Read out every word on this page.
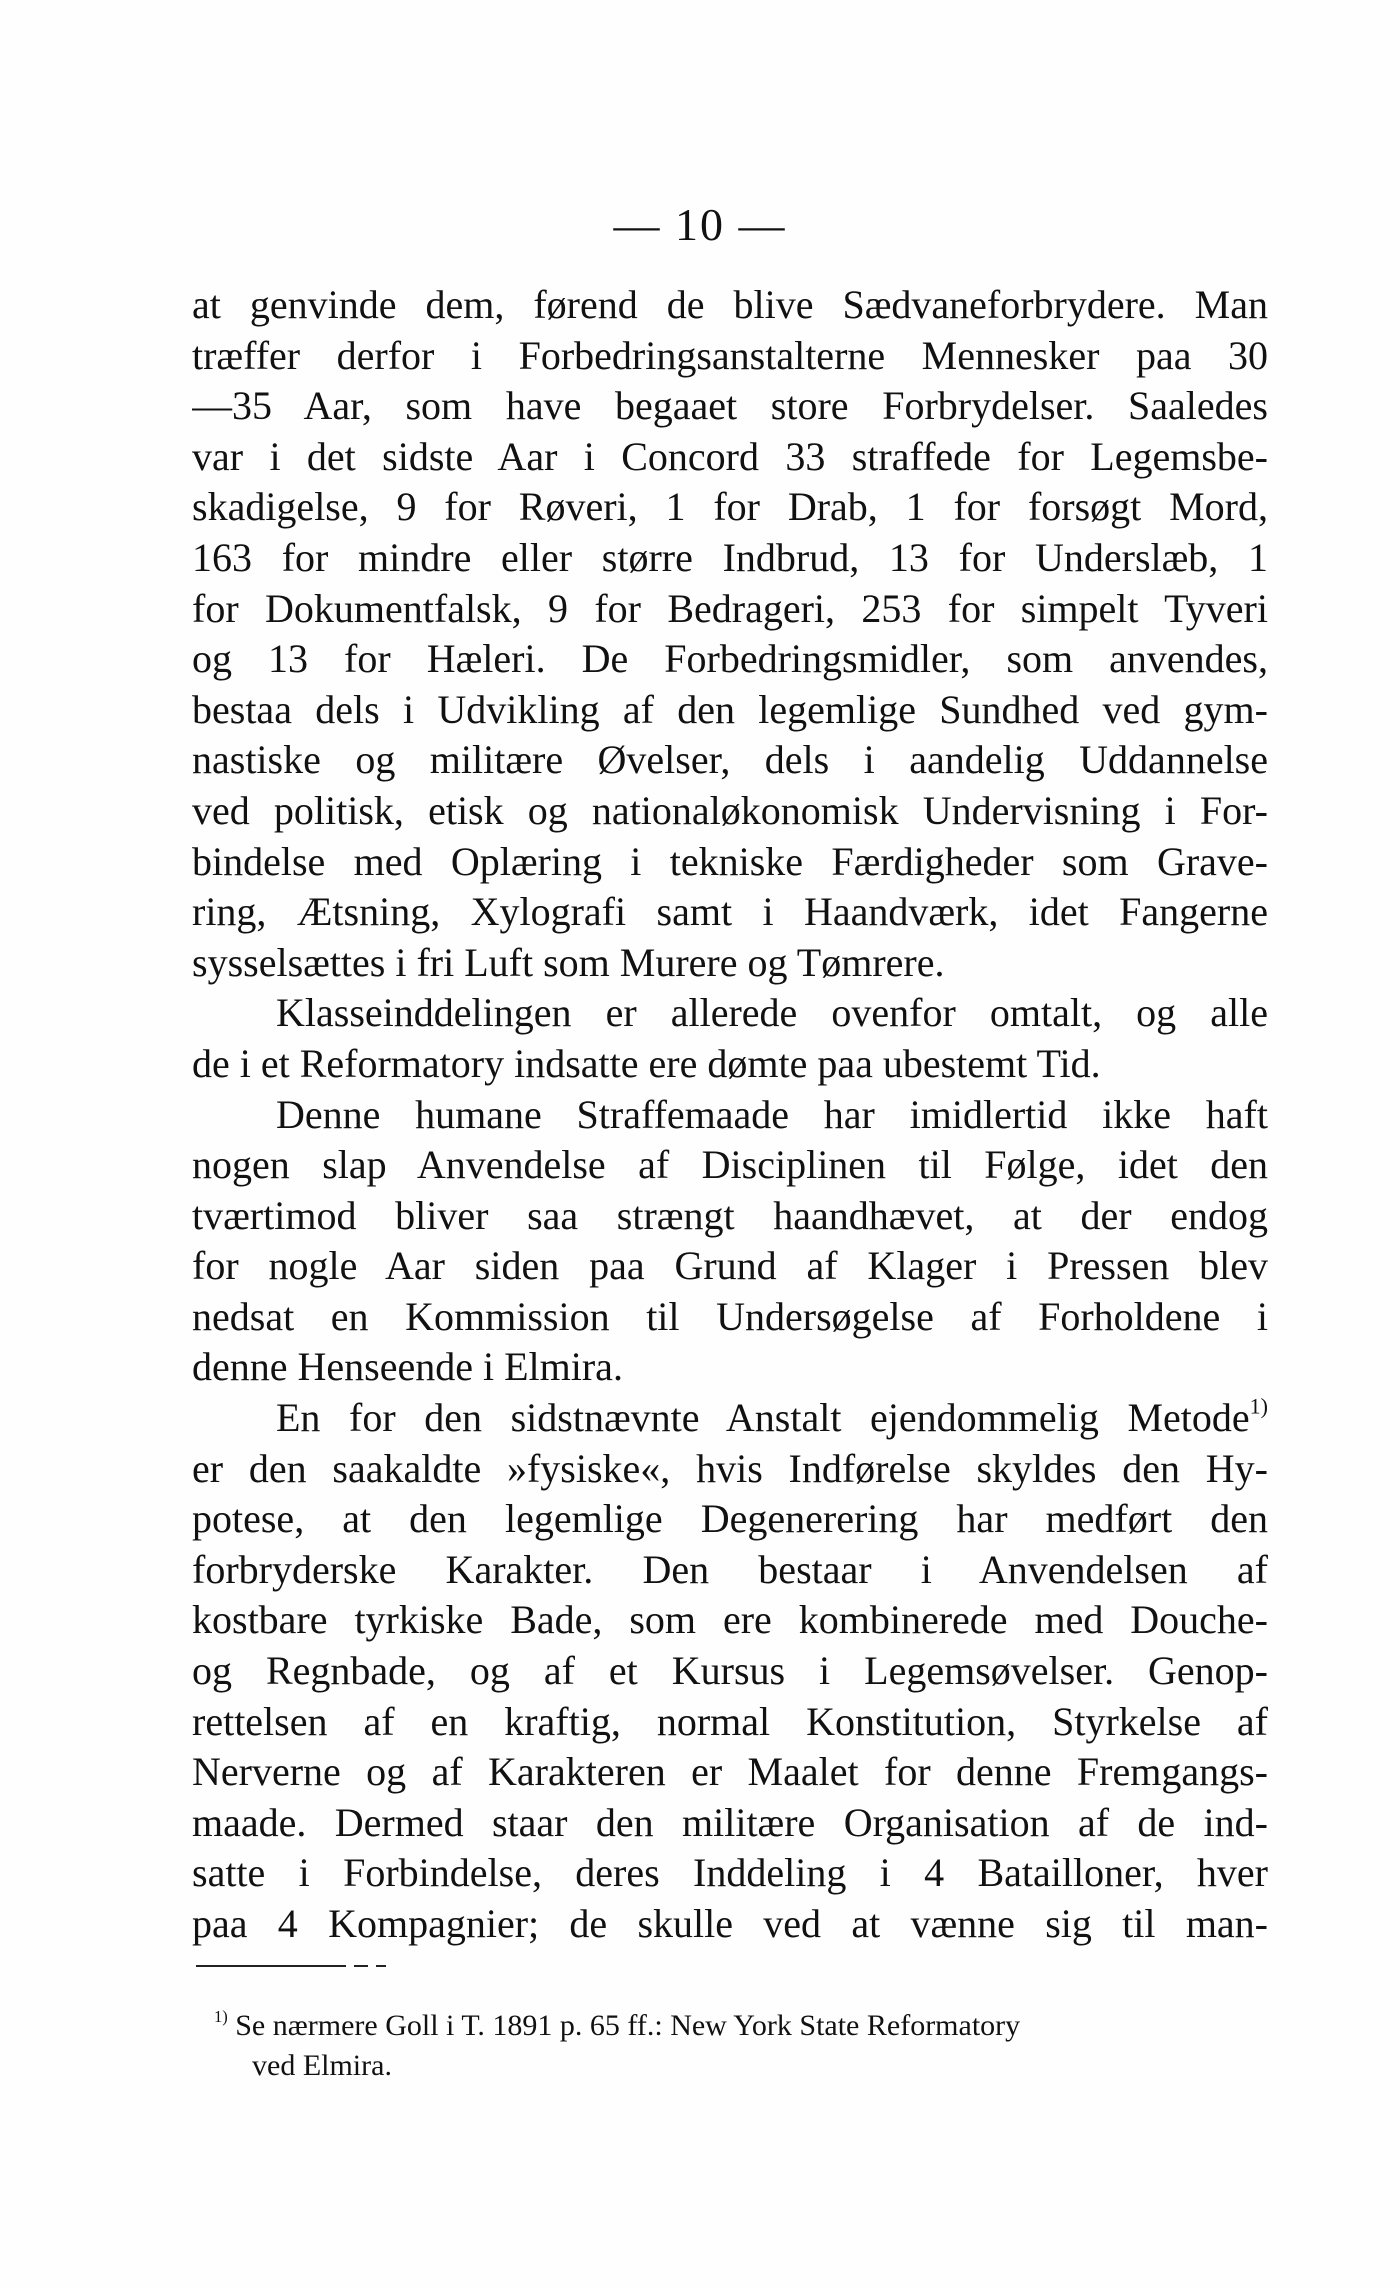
— 10 —
at genvinde dem, førend de blive Sædvaneforbrydere. Man
træffer derfor i Forbedringsanstalterne Mennesker paa 30
—35 Aar, som have begaaet store Forbrydelser. Saaledes
var i det sidste Aar i Concord 33 straffede for Legemsbe-
skadigelse, 9 for Røveri, 1 for Drab, 1 for forsøgt Mord,
163 for mindre eller større Indbrud, 13 for Underslæb, 1
for Dokumentfalsk, 9 for Bedrageri, 253 for simpelt Tyveri
og 13 for Hæleri. De Forbedringsmidler, som anvendes,
bestaa dels i Udvikling af den legemlige Sundhed ved gym-
nastiske og militære Øvelser, dels i aandelig Uddannelse
ved politisk, etisk og nationaløkonomisk Undervisning i For-
bindelse med Oplæring i tekniske Færdigheder som Grave-
ring, Ætsning, Xylografi samt i Haandværk, idet Fangerne
sysselsættes i fri Luft som Murere og Tømrere.
Klasseinddelingen er allerede ovenfor omtalt, og alle
de i et Reformatory indsatte ere dømte paa ubestemt Tid.
Denne humane Straffemaade har imidlertid ikke haft
nogen slap Anvendelse af Disciplinen til Følge, idet den
tværtimod bliver saa strængt haandhævet, at der endog
for nogle Aar siden paa Grund af Klager i Pressen blev
nedsat en Kommission til Undersøgelse af Forholdene i
denne Henseende i Elmira.
En for den sidstnævnte Anstalt ejendommelig Metode$^{1)}$
er den saakaldte »fysiske«, hvis Indførelse skyldes den Hy-
potese, at den legemlige Degenerering har medført den
forbryderske Karakter. Den bestaar i Anvendelsen af
kostbare tyrkiske Bade, som ere kombinerede med Douche-
og Regnbade, og af et Kursus i Legemsøvelser. Genop-
rettelsen af en kraftig, normal Konstitution, Styrkelse af
Nerverne og af Karakteren er Maalet for denne Fremgangs-
maade. Dermed staar den militære Organisation af de ind-
satte i Forbindelse, deres Inddeling i 4 Batailloner, hver
paa 4 Kompagnier; de skulle ved at vænne sig til man-
$^{1)}$ Se nærmere Goll i T. 1891 p. 65 ff.: New York State Reformatory
ved Elmira.
